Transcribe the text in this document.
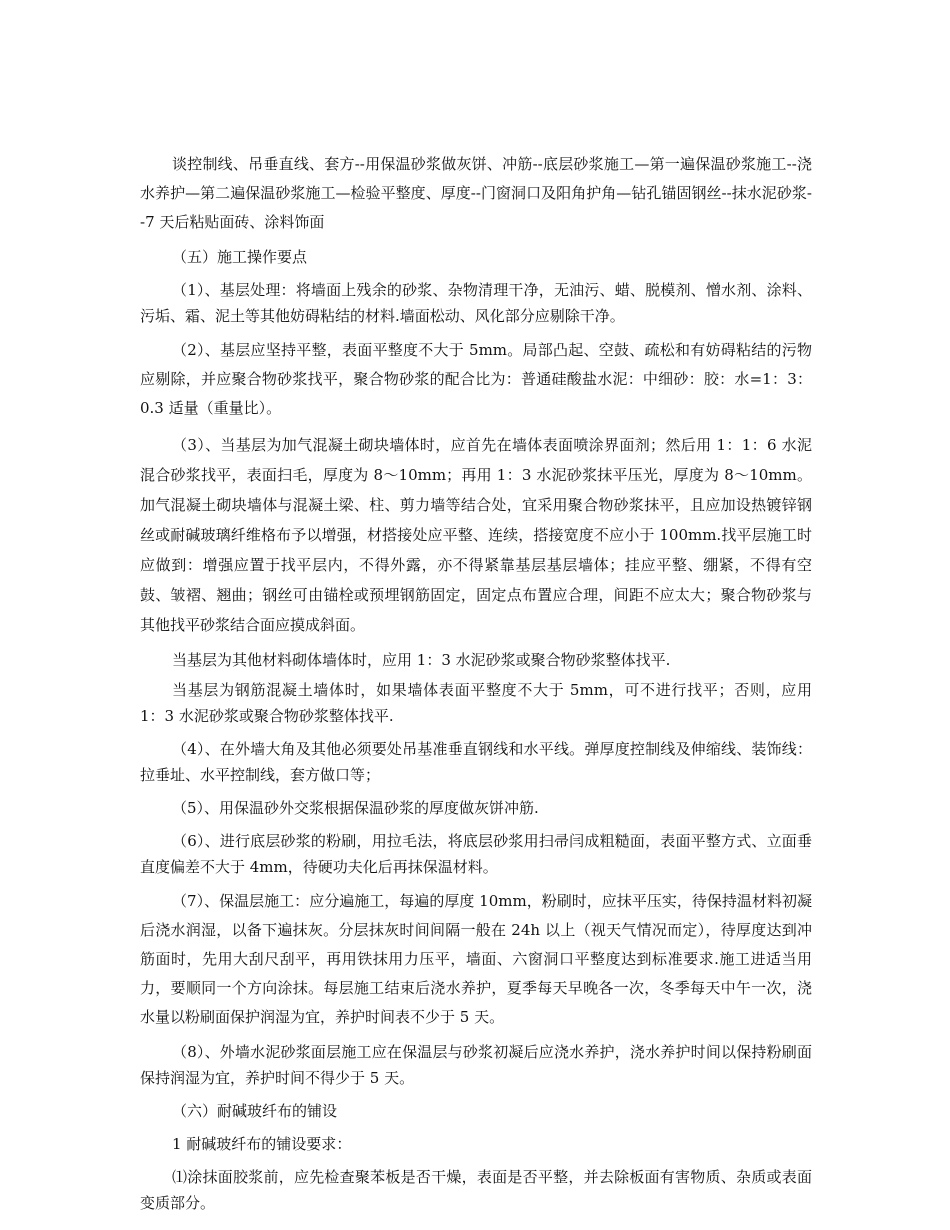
谈控制线、吊垂直线、套方--用保温砂浆做灰饼、冲筋--底层砂浆施工—第一遍保温砂浆施工--浇水养护—第二遍保温砂浆施工—检验平整度、厚度--门窗洞口及阳角护角—钻孔锚固钢丝--抹水泥砂浆--7 天后粘贴面砖、涂料饰面

（五）施工操作要点

（1）、基层处理：将墙面上残余的砂浆、杂物清理干净，无油污、蜡、脱模剂、憎水剂、涂料、污垢、霜、泥土等其他妨碍粘结的材料.墙面松动、风化部分应剔除干净。

（2）、基层应坚持平整，表面平整度不大于 5mm。局部凸起、空鼓、疏松和有妨碍粘结的污物应剔除，并应聚合物砂浆找平，聚合物砂浆的配合比为：普通硅酸盐水泥：中细砂：胶：水=1：3：0.3 适量（重量比）。

（3）、当基层为加气混凝土砌块墙体时，应首先在墙体表面喷涂界面剂；然后用 1：1：6 水泥混合砂浆找平，表面扫毛，厚度为 8～10mm；再用 1：3 水泥砂浆抹平压光，厚度为 8～10mm。加气混凝土砌块墙体与混凝土梁、柱、剪力墙等结合处，宜采用聚合物砂浆抹平，且应加设热镀锌钢丝或耐碱玻璃纤维格布予以增强，材搭接处应平整、连续，搭接宽度不应小于 100mm.找平层施工时应做到：增强应置于找平层内，不得外露，亦不得紧靠基层基层墙体；挂应平整、绷紧，不得有空鼓、皱褶、翘曲；钢丝可由锚栓或预埋钢筋固定，固定点布置应合理，间距不应太大；聚合物砂浆与其他找平砂浆结合面应摸成斜面。

当基层为其他材料砌体墙体时，应用 1：3 水泥砂浆或聚合物砂浆整体找平.

当基层为钢筋混凝土墙体时，如果墙体表面平整度不大于 5mm，可不进行找平；否则，应用 1：3 水泥砂浆或聚合物砂浆整体找平.

（4）、在外墙大角及其他必须要处吊基准垂直钢线和水平线。弹厚度控制线及伸缩线、装饰线：拉垂址、水平控制线，套方做口等；

（5）、用保温砂外交浆根据保温砂浆的厚度做灰饼冲筋.

（6）、进行底层砂浆的粉刷，用拉毛法，将底层砂浆用扫帚闫成粗糙面，表面平整方式、立面垂直度偏差不大于 4mm，待硬功夫化后再抹保温材料。

（7）、保温层施工：应分遍施工，每遍的厚度 10mm，粉刷时，应抹平压实，待保持温材料初凝后浇水润湿，以备下遍抹灰。分层抹灰时间间隔一般在 24h 以上（视天气情况而定），待厚度达到冲筋面时，先用大刮尺刮平，再用铁抹用力压平，墙面、六窗洞口平整度达到标准要求.施工进适当用力，要顺同一个方向涂抹。每层施工结束后浇水养护，夏季每天早晚各一次，冬季每天中午一次，浇水量以粉刷面保护润湿为宜，养护时间表不少于 5 天。

（8）、外墙水泥砂浆面层施工应在保温层与砂浆初凝后应浇水养护，浇水养护时间以保持粉刷面保持润湿为宜，养护时间不得少于 5 天。

（六）耐碱玻纤布的铺设

1 耐碱玻纤布的铺设要求：

⑴涂抹面胶浆前，应先检查聚苯板是否干燥，表面是否平整，并去除板面有害物质、杂质或表面变质部分。
